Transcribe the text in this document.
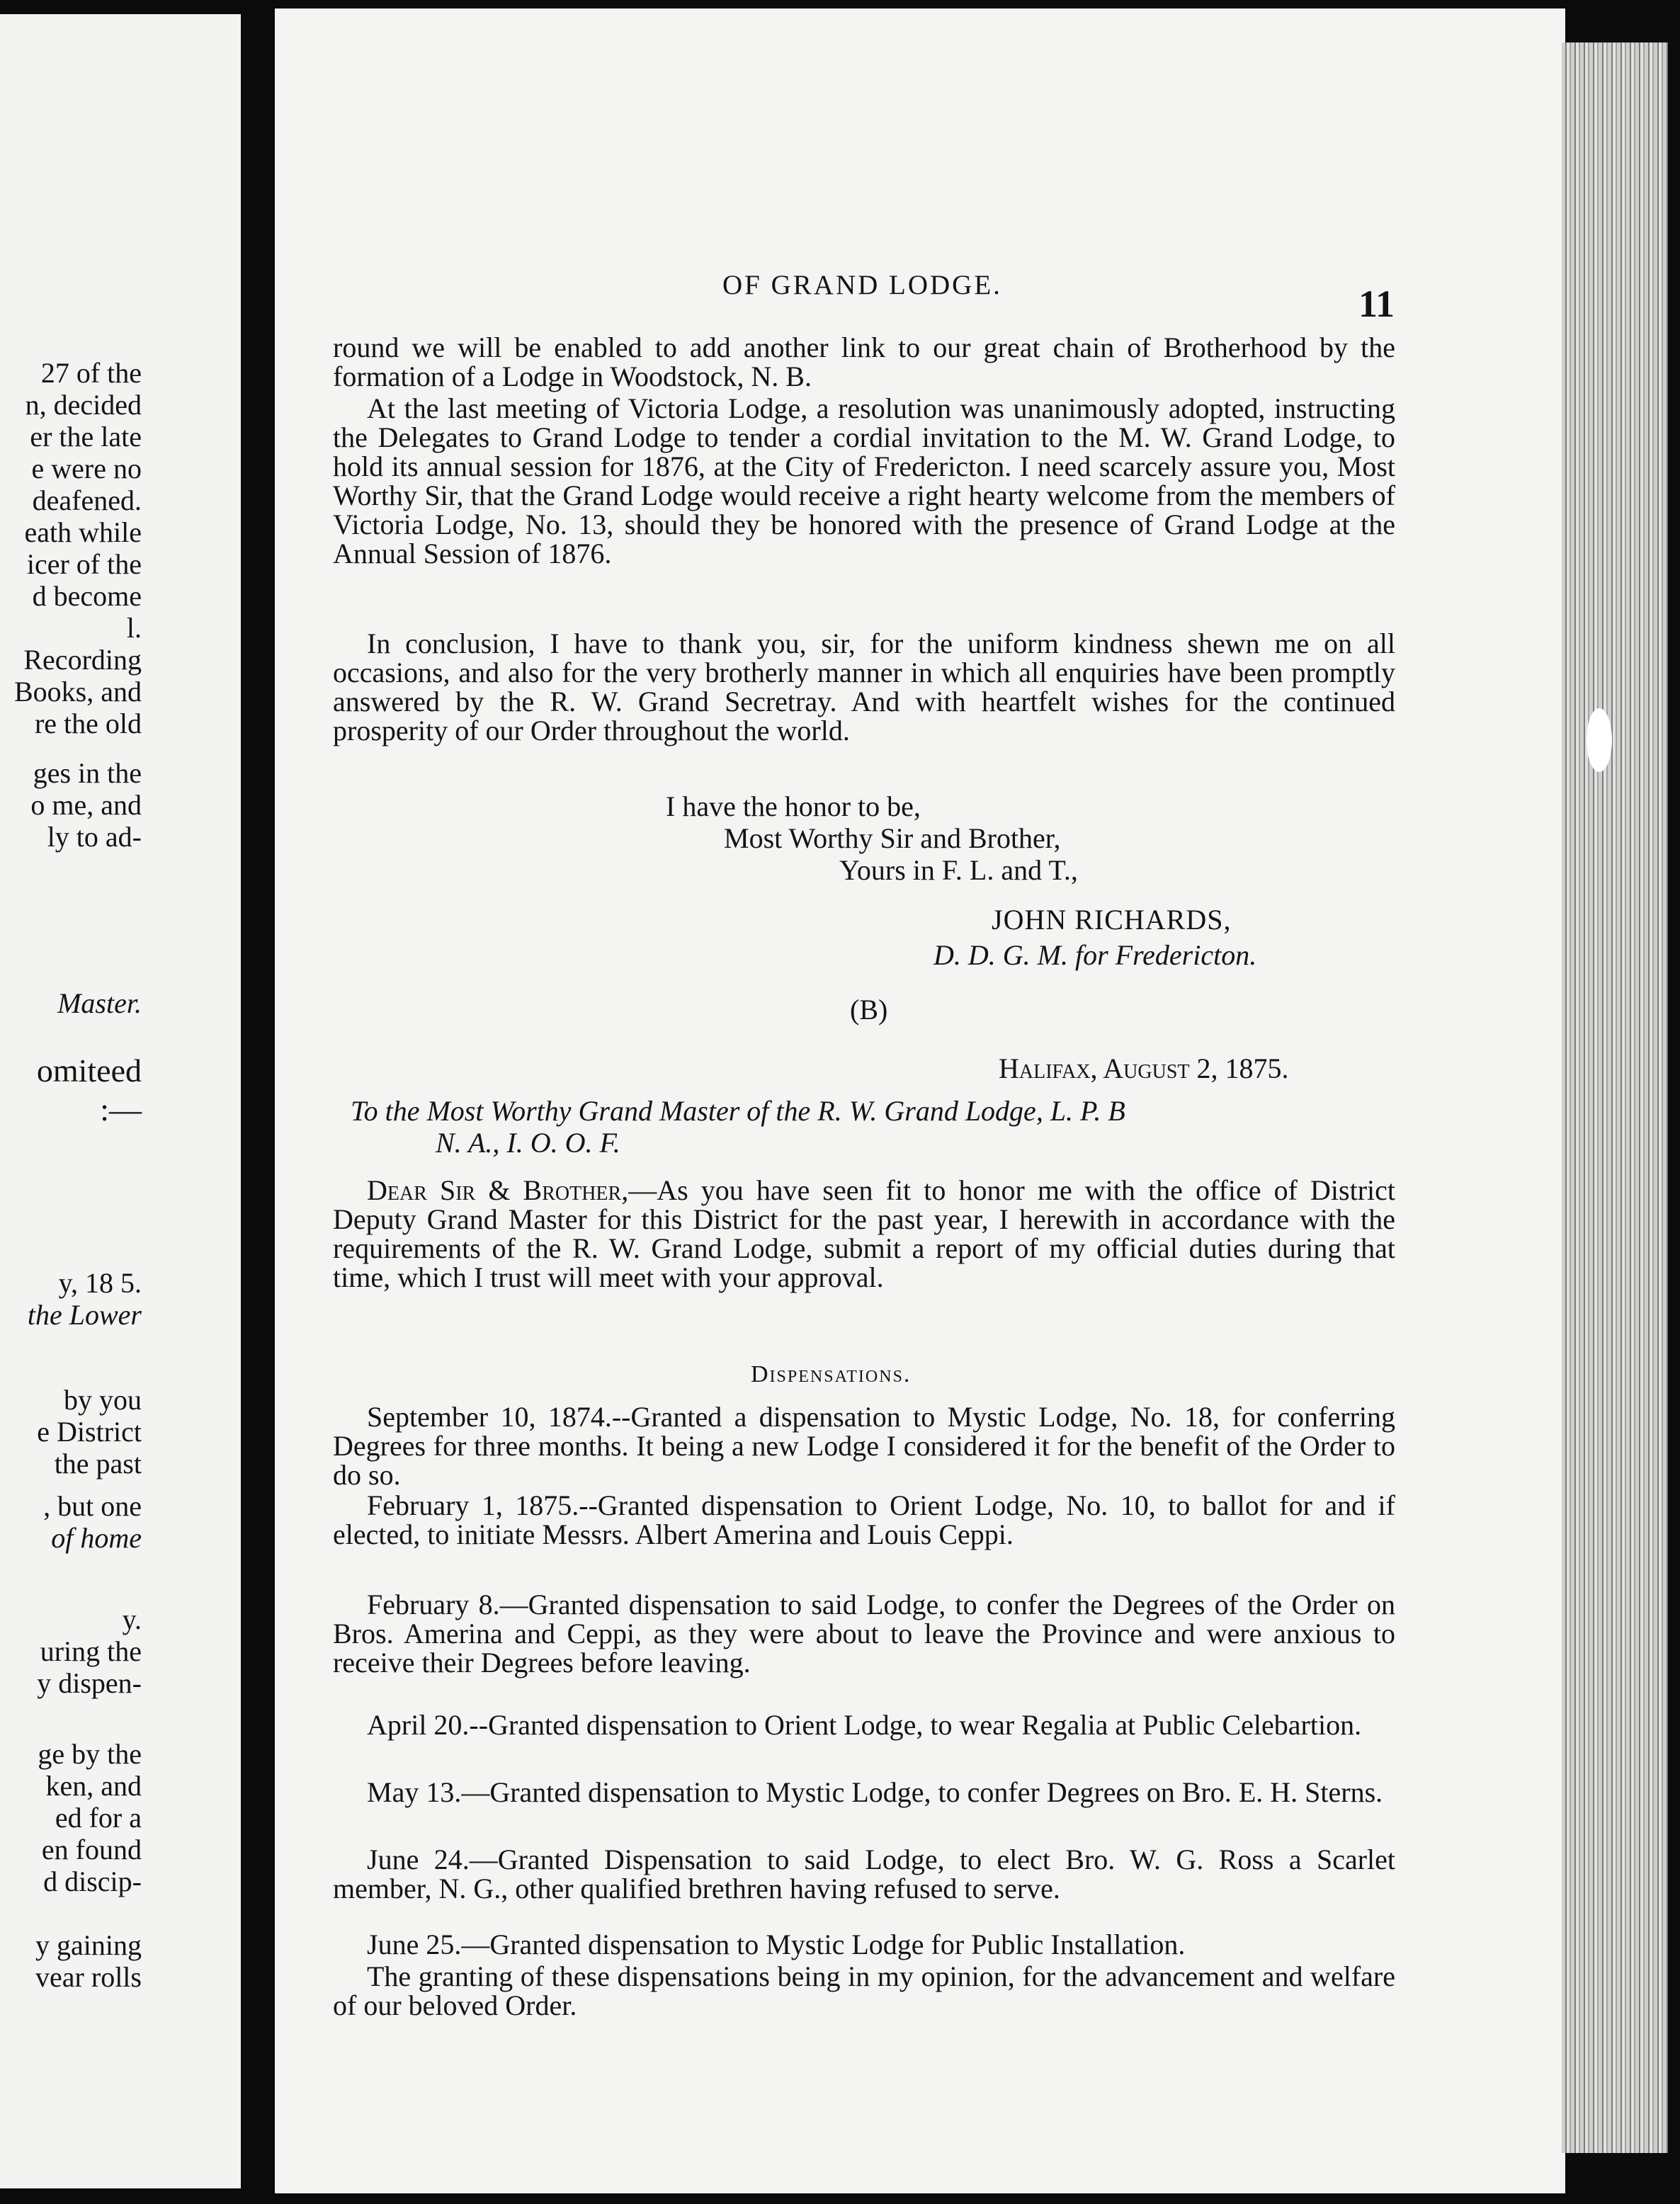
27 of the
n, decided
er the late
e were no
deafened.
eath while
icer of the
d become
l.
Recording
Books, and
re the old
ges in the
o me, and
ly to ad-
Master.
omiteed
:—
y, 18 5.
the Lower
by you
e District
the past
, but one
of home
y.
uring the
y dispen-
ge by the
ken, and
ed for a
en found
d discip-
y gaining
vear rolls
OF GRAND LODGE.	11

round we will be enabled to add another link to our great chain of Brotherhood by the formation of a Lodge in Woodstock, N. B.

At the last meeting of Victoria Lodge, a resolution was unanimously adopted, instructing the Delegates to Grand Lodge to tender a cordial invitation to the M. W. Grand Lodge, to hold its annual session for 1876, at the City of Fredericton. I need scarcely assure you, Most Worthy Sir, that the Grand Lodge would receive a right hearty welcome from the members of Victoria Lodge, No. 13, should they be honored with the presence of Grand Lodge at the Annual Session of 1876.

In conclusion, I have to thank you, sir, for the uniform kindness shewn me on all occasions, and also for the very brotherly manner in which all enquiries have been promptly answered by the R. W. Grand Secretray. And with heartfelt wishes for the continued prosperity of our Order throughout the world.

I have the honor to be,
Most Worthy Sir and Brother,
Yours in F. L. and T.,
JOHN RICHARDS,
D. D. G. M. for Fredericton.
(B)
Halifax, August 2, 1875.
To the Most Worthy Grand Master of the R. W. Grand Lodge, L. P. B
N. A., I. O. O. F.

Dear Sir & Brother,—As you have seen fit to honor me with the office of District Deputy Grand Master for this District for the past year, I herewith in accordance with the requirements of the R. W. Grand Lodge, submit a report of my official duties during that time, which I trust will meet with your approval.

Dispensations.

September 10, 1874.--Granted a dispensation to Mystic Lodge, No. 18, for conferring Degrees for three months. It being a new Lodge I considered it for the benefit of the Order to do so.

February 1, 1875.--Granted dispensation to Orient Lodge, No. 10, to ballot for and if elected, to initiate Messrs. Albert Amerina and Louis Ceppi.

February 8.—Granted dispensation to said Lodge, to confer the Degrees of the Order on Bros. Amerina and Ceppi, as they were about to leave the Province and were anxious to receive their Degrees before leaving.

April 20.--Granted dispensation to Orient Lodge, to wear Regalia at Public Celebartion.

May 13.—Granted dispensation to Mystic Lodge, to confer Degrees on Bro. E. H. Sterns.

June 24.—Granted Dispensation to said Lodge, to elect Bro. W. G. Ross a Scarlet member, N. G., other qualified brethren having refused to serve.

June 25.—Granted dispensation to Mystic Lodge for Public Installation.

The granting of these dispensations being in my opinion, for the advancement and welfare of our beloved Order.
